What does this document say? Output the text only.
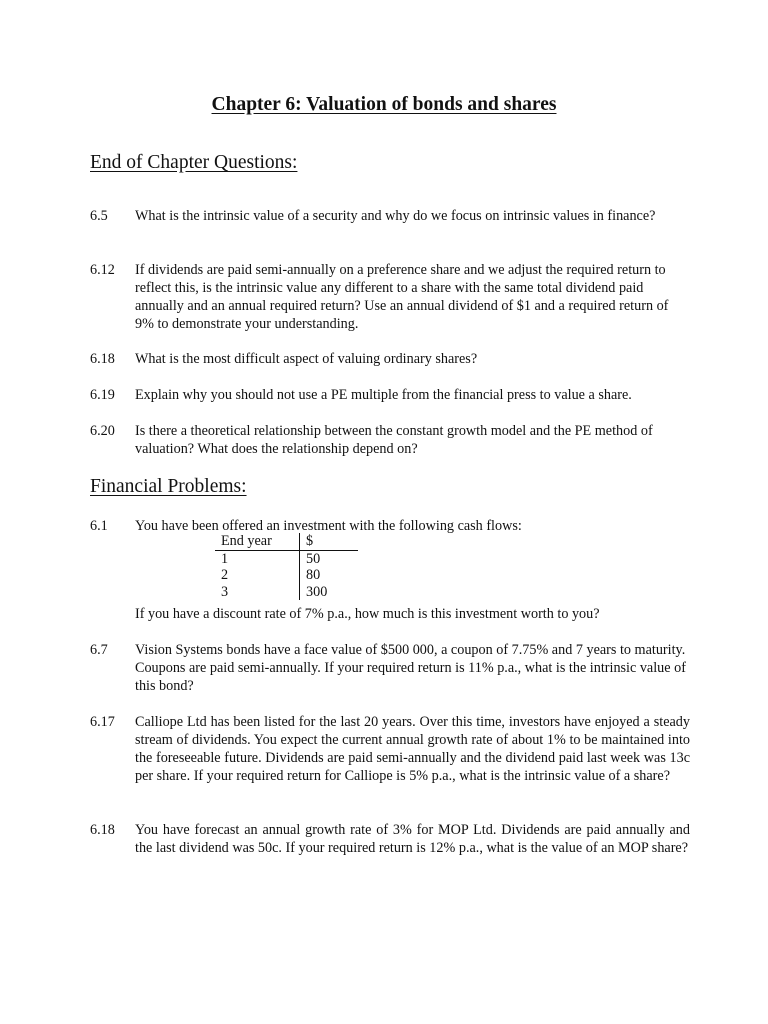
Chapter 6: Valuation of bonds and shares
End of Chapter Questions:
6.5 What is the intrinsic value of a security and why do we focus on intrinsic values in finance?
6.12 If dividends are paid semi-annually on a preference share and we adjust the required return to reflect this, is the intrinsic value any different to a share with the same total dividend paid annually and an annual required return? Use an annual dividend of $1 and a required return of 9% to demonstrate your understanding.
6.18 What is the most difficult aspect of valuing ordinary shares?
6.19 Explain why you should not use a PE multiple from the financial press to value a share.
6.20 Is there a theoretical relationship between the constant growth model and the PE method of valuation? What does the relationship depend on?
Financial Problems:
6.1 You have been offered an investment with the following cash flows:
End year	$
1	50
2	80
3	300
If you have a discount rate of 7% p.a., how much is this investment worth to you?
6.7 Vision Systems bonds have a face value of $500 000, a coupon of 7.75% and 7 years to maturity. Coupons are paid semi-annually. If your required return is 11% p.a., what is the intrinsic value of this bond?
6.17 Calliope Ltd has been listed for the last 20 years. Over this time, investors have enjoyed a steady stream of dividends. You expect the current annual growth rate of about 1% to be maintained into the foreseeable future. Dividends are paid semi-annually and the dividend paid last week was 13c per share. If your required return for Calliope is 5% p.a., what is the intrinsic value of a share?
6.18 You have forecast an annual growth rate of 3% for MOP Ltd. Dividends are paid annually and the last dividend was 50c. If your required return is 12% p.a., what is the value of an MOP share?
